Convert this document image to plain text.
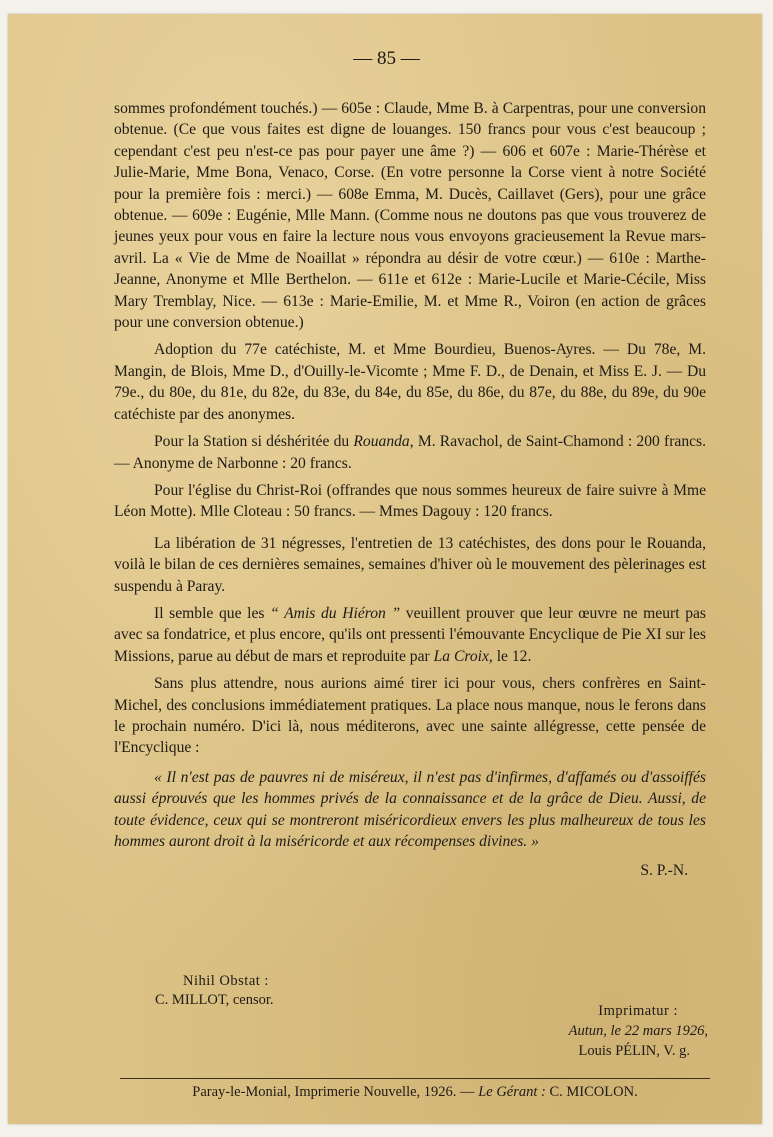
— 85 —

sommes profondément touchés.) — 605e : Claude, Mme B. à Carpentras, pour une conversion obtenue. (Ce que vous faites est digne de louanges. 150 francs pour vous c'est beaucoup ; cependant c'est peu n'est-ce pas pour payer une âme ?) — 606 et 607e : Marie-Thérèse et Julie-Marie, Mme Bona, Venaco, Corse. (En votre personne la Corse vient à notre Société pour la première fois : merci.) — 608e Emma, M. Ducès, Caillavet (Gers), pour une grâce obtenue. — 609e : Eugénie, Mlle Mann. (Comme nous ne doutons pas que vous trouverez de jeunes yeux pour vous en faire la lecture nous vous envoyons gracieusement la Revue mars-avril. La « Vie de Mme de Noaillat » répondra au désir de votre cœur.) — 610e : Marthe-Jeanne, Anonyme et Mlle Berthelon. — 611e et 612e : Marie-Lucile et Marie-Cécile, Miss Mary Tremblay, Nice. — 613e : Marie-Emilie, M. et Mme R., Voiron (en action de grâces pour une conversion obtenue.)

Adoption du 77e catéchiste, M. et Mme Bourdieu, Buenos-Ayres. — Du 78e, M. Mangin, de Blois, Mme D., d'Ouilly-le-Vicomte ; Mme F. D., de Denain, et Miss E. J. — Du 79e., du 80e, du 81e, du 82e, du 83e, du 84e, du 85e, du 86e, du 87e, du 88e, du 89e, du 90e catéchiste par des anonymes.

Pour la Station si déshéritée du Rouanda, M. Ravachol, de Saint-Chamond : 200 francs. — Anonyme de Narbonne : 20 francs.

Pour l'église du Christ-Roi (offrandes que nous sommes heureux de faire suivre à Mme Léon Motte). Mlle Cloteau : 50 francs. — Mmes Dagouy : 120 francs.

La libération de 31 négresses, l'entretien de 13 catéchistes, des dons pour le Rouanda, voilà le bilan de ces dernières semaines, semaines d'hiver où le mouvement des pèlerinages est suspendu à Paray.

Il semble que les “ Amis du Hiéron ” veuillent prouver que leur œuvre ne meurt pas avec sa fondatrice, et plus encore, qu'ils ont pressenti l'émouvante Encyclique de Pie XI sur les Missions, parue au début de mars et reproduite par La Croix, le 12.

Sans plus attendre, nous aurions aimé tirer ici pour vous, chers confrères en Saint-Michel, des conclusions immédiatement pratiques. La place nous manque, nous le ferons dans le prochain numéro. D'ici là, nous méditerons, avec une sainte allégresse, cette pensée de l'Encyclique :

« Il n'est pas de pauvres ni de miséreux, il n'est pas d'infirmes, d'affamés ou d'assoiffés aussi éprouvés que les hommes privés de la connaissance et de la grâce de Dieu. Aussi, de toute évidence, ceux qui se montreront miséricordieux envers les plus malheureux de tous les hommes auront droit à la miséricorde et aux récompenses divines. »

S. P.-N.

Nihil Obstat :
C. MILLOT, censor.
Imprimatur :
Autun, le 22 mars 1926,
Louis PÉLIN, V. g.
Paray-le-Monial, Imprimerie Nouvelle, 1926. — Le Gérant : C. MICOLON.
